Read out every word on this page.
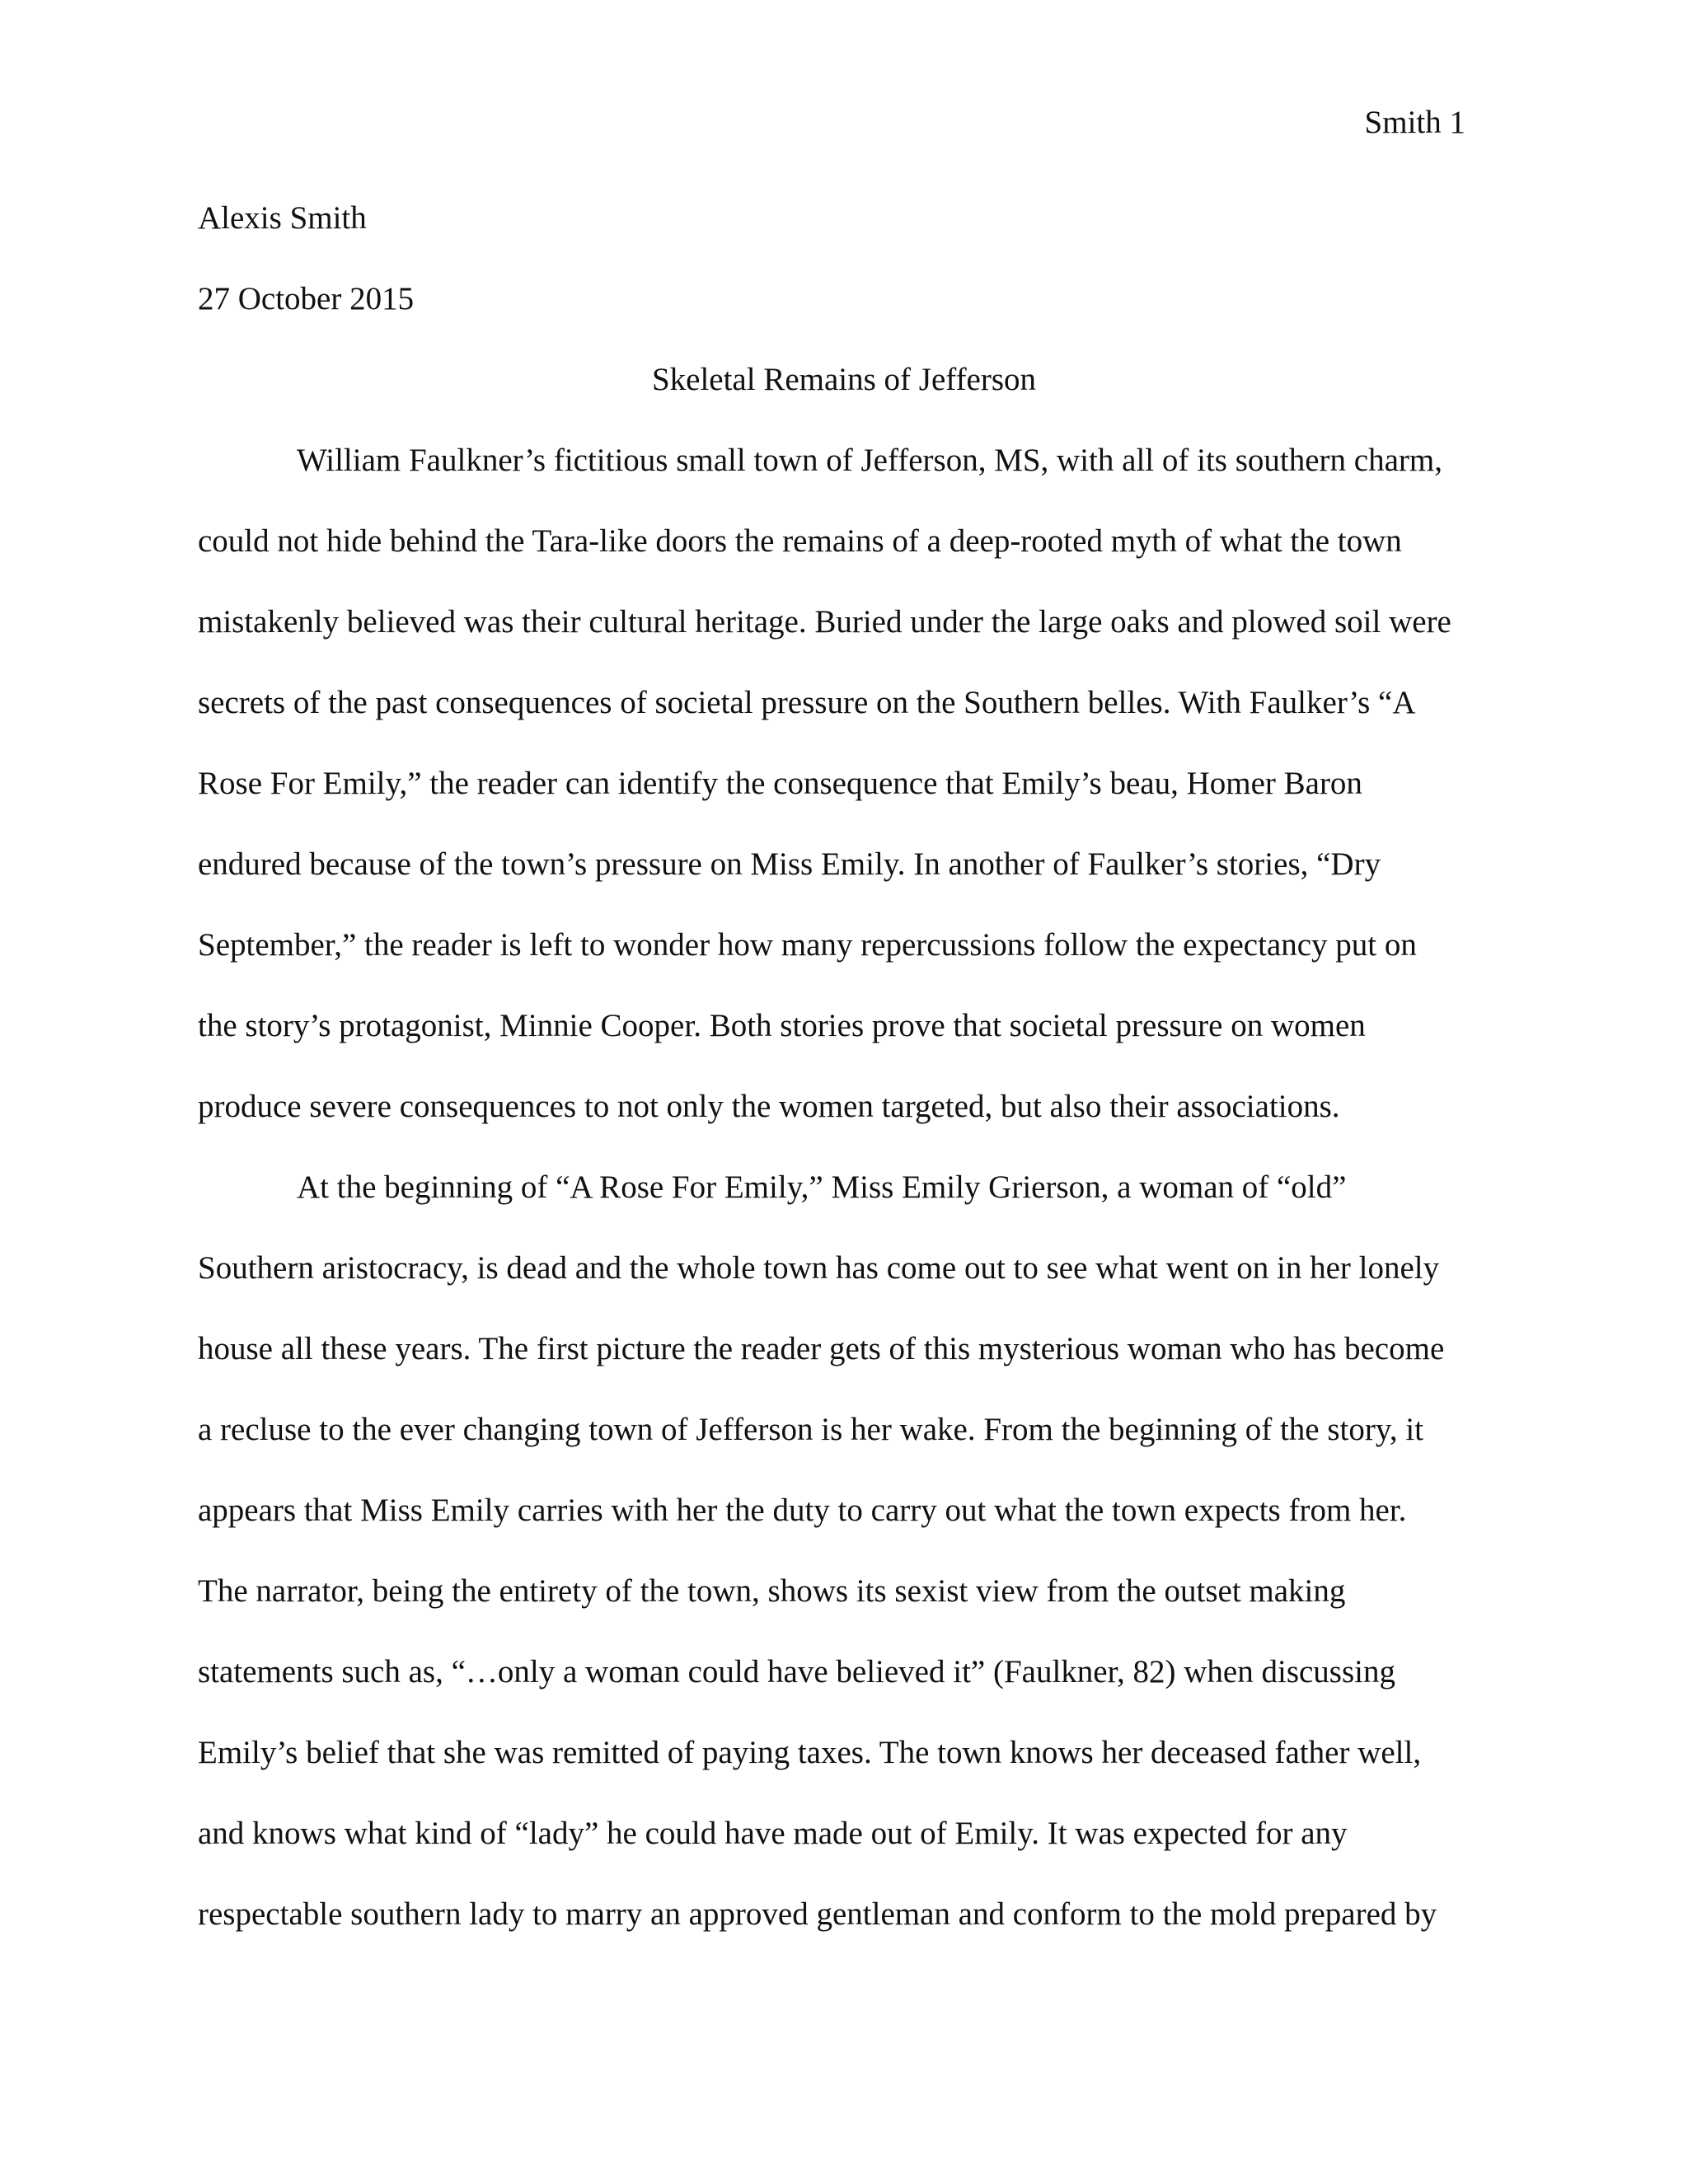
Smith 1
Alexis Smith
27 October 2015
Skeletal Remains of Jefferson
William Faulkner’s fictitious small town of Jefferson, MS, with all of its southern charm,
could not hide behind the Tara-like doors the remains of a deep-rooted myth of what the town
mistakenly believed was their cultural heritage. Buried under the large oaks and plowed soil were
secrets of the past consequences of societal pressure on the Southern belles. With Faulker’s “A
Rose For Emily,” the reader can identify the consequence that Emily’s beau, Homer Baron
endured because of the town’s pressure on Miss Emily. In another of Faulker’s stories, “Dry
September,” the reader is left to wonder how many repercussions follow the expectancy put on
the story’s protagonist, Minnie Cooper. Both stories prove that societal pressure on women
produce severe consequences to not only the women targeted, but also their associations.
At the beginning of “A Rose For Emily,” Miss Emily Grierson, a woman of “old”
Southern aristocracy, is dead and the whole town has come out to see what went on in her lonely
house all these years. The first picture the reader gets of this mysterious woman who has become
a recluse to the ever changing town of Jefferson is her wake. From the beginning of the story, it
appears that Miss Emily carries with her the duty to carry out what the town expects from her.
The narrator, being the entirety of the town, shows its sexist view from the outset making
statements such as, “…only a woman could have believed it” (Faulkner, 82) when discussing
Emily’s belief that she was remitted of paying taxes. The town knows her deceased father well,
and knows what kind of “lady” he could have made out of Emily. It was expected for any
respectable southern lady to marry an approved gentleman and conform to the mold prepared by
